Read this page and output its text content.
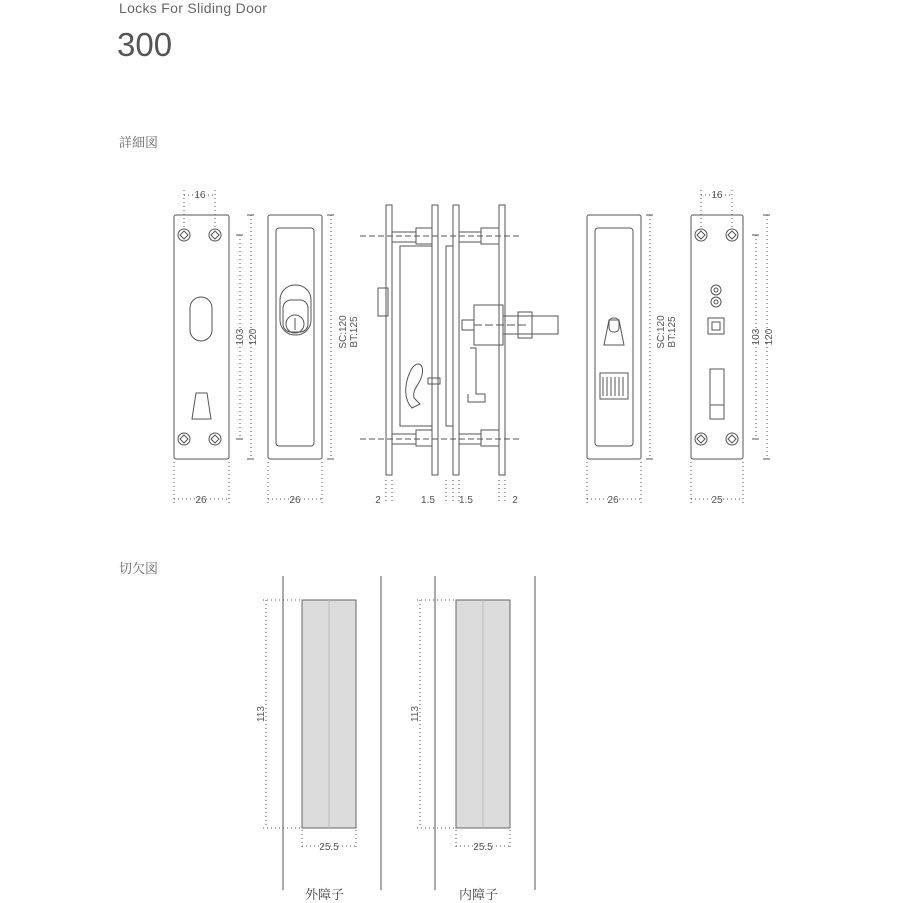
Locks For Sliding Door
300
詳細図
切欠図
16
103 120
26	26
SC:120 BT:125
2	1.5 1.5	2
SC:120 BT:125
26
16
103 120
25
113
25.5
113
25.5
外障子	内障子
